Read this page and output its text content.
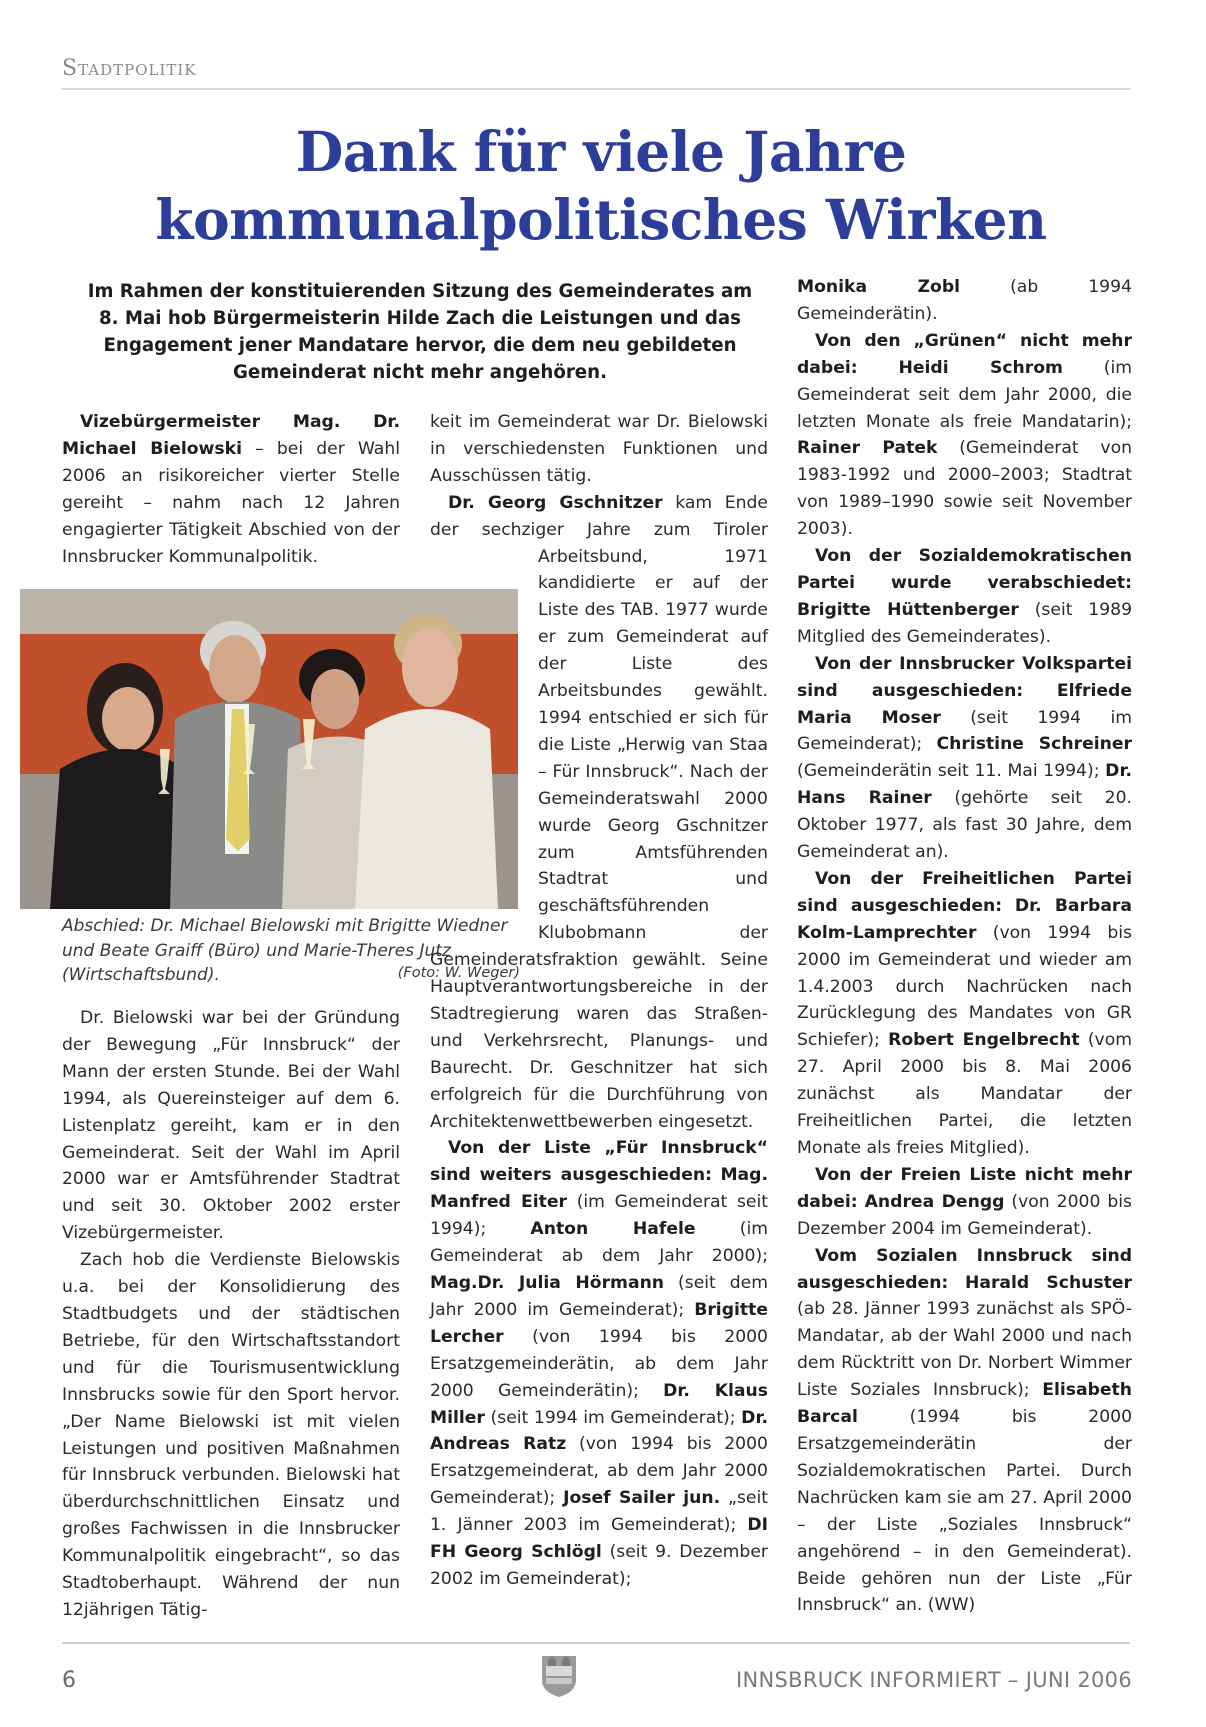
Stadtpolitik
Dank für viele Jahre
kommunalpolitisches Wirken
Im Rahmen der konstituierenden Sitzung des Gemeinderates am 8. Mai hob Bürgermeisterin Hilde Zach die Leistungen und das Engagement jener Mandatare hervor, die dem neu gebildeten Gemeinderat nicht mehr angehören.

Vizebürgermeister Mag. Dr. Michael Bielowski – bei der Wahl 2006 an risikoreicher vierter Stelle gereiht – nahm nach 12 Jahren engagierter Tätigkeit Abschied von der Innsbrucker Kommunalpolitik.

Abschied: Dr. Michael Bielowski mit Brigitte Wiedner und Beate Graiff (Büro) und Marie-Theres Jutz (Wirtschaftsbund).	(Foto: W. Weger)

Dr. Bielowski war bei der Gründung der Bewegung „Für Innsbruck“ der Mann der ersten Stunde. Bei der Wahl 1994, als Quereinsteiger auf dem 6. Listenplatz gereiht, kam er in den Gemeinderat. Seit der Wahl im April 2000 war er Amtsführender Stadtrat und seit 30. Oktober 2002 erster Vizebürgermeister.

Zach hob die Verdienste Bielowskis u.a. bei der Konsolidierung des Stadtbudgets und der städtischen Betriebe, für den Wirtschaftsstandort und für die Tourismusentwicklung Innsbrucks sowie für den Sport hervor. „Der Name Bielowski ist mit vielen Leistungen und positiven Maßnahmen für Innsbruck verbunden. Bielowski hat überdurchschnittlichen Einsatz und großes Fachwissen in die Innsbrucker Kommunalpolitik eingebracht“, so das Stadtoberhaupt. Während der nun 12jährigen Tätig-

keit im Gemeinderat war Dr. Bielowski in verschiedensten Funktionen und Ausschüssen tätig.

Dr. Georg Gschnitzer kam Ende der sechziger Jahre zum Tiroler Arbeitsbund, 1971 kandidierte er auf der Liste des TAB. 1977 wurde er zum Gemeinderat auf der Liste des Arbeitsbundes gewählt. 1994 entschied er sich für die Liste „Herwig van Staa – Für Innsbruck“. Nach der Gemeinderatswahl 2000 wurde Georg Gschnitzer zum Amtsführenden Stadtrat und geschäftsführenden Klubobmann der Gemeinderatsfraktion gewählt. Seine Hauptverantwortungsbereiche in der Stadtregierung waren das Straßen- und Verkehrsrecht, Planungs- und Baurecht. Dr. Geschnitzer hat sich erfolgreich für die Durchführung von Architektenwettbewerben eingesetzt.

Von der Liste „Für Innsbruck“ sind weiters ausgeschieden: Mag. Manfred Eiter (im Gemeinderat seit 1994); Anton Hafele (im Gemeinderat ab dem Jahr 2000); Mag.Dr. Julia Hörmann (seit dem Jahr 2000 im Gemeinderat); Brigitte Lercher (von 1994 bis 2000 Ersatzgemeinderätin, ab dem Jahr 2000 Gemeinderätin); Dr. Klaus Miller (seit 1994 im Gemeinderat); Dr. Andreas Ratz (von 1994 bis 2000 Ersatzgemeinderat, ab dem Jahr 2000 Gemeinderat); Josef Sailer jun. „seit 1. Jänner 2003 im Gemeinderat); DI FH Georg Schlögl (seit 9. Dezember 2002 im Gemeinderat);

Monika Zobl (ab 1994 Gemeinderätin).

Von den „Grünen“ nicht mehr dabei: Heidi Schrom (im Gemeinderat seit dem Jahr 2000, die letzten Monate als freie Mandatarin); Rainer Patek (Gemeinderat von 1983-1992 und 2000–2003; Stadtrat von 1989–1990 sowie seit November 2003).

Von der Sozialdemokratischen Partei wurde verabschiedet: Brigitte Hüttenberger (seit 1989 Mitglied des Gemeinderates).

Von der Innsbrucker Volkspartei sind ausgeschieden: Elfriede Maria Moser (seit 1994 im Gemeinderat); Christine Schreiner (Gemeinderätin seit 11. Mai 1994); Dr. Hans Rainer (gehörte seit 20. Oktober 1977, als fast 30 Jahre, dem Gemeinderat an).

Von der Freiheitlichen Partei sind ausgeschieden: Dr. Barbara Kolm-Lamprechter (von 1994 bis 2000 im Gemeinderat und wieder am 1.4.2003 durch Nachrücken nach Zurücklegung des Mandates von GR Schiefer); Robert Engelbrecht (vom 27. April 2000 bis 8. Mai 2006 zunächst als Mandatar der Freiheitlichen Partei, die letzten Monate als freies Mitglied).

Von der Freien Liste nicht mehr dabei: Andrea Dengg (von 2000 bis Dezember 2004 im Gemeinderat).

Vom Sozialen Innsbruck sind ausgeschieden: Harald Schuster (ab 28. Jänner 1993 zunächst als SPÖ-Mandatar, ab der Wahl 2000 und nach dem Rücktritt von Dr. Norbert Wimmer Liste Soziales Innsbruck); Elisabeth Barcal (1994 bis 2000 Ersatzgemeinderätin der Sozialdemokratischen Partei. Durch Nachrücken kam sie am 27. April 2000 – der Liste „Soziales Innsbruck“ angehörend – in den Gemeinderat). Beide gehören nun der Liste „Für Innsbruck“ an. (WW)

6	INNSBRUCK INFORMIERT – JUNI 2006
